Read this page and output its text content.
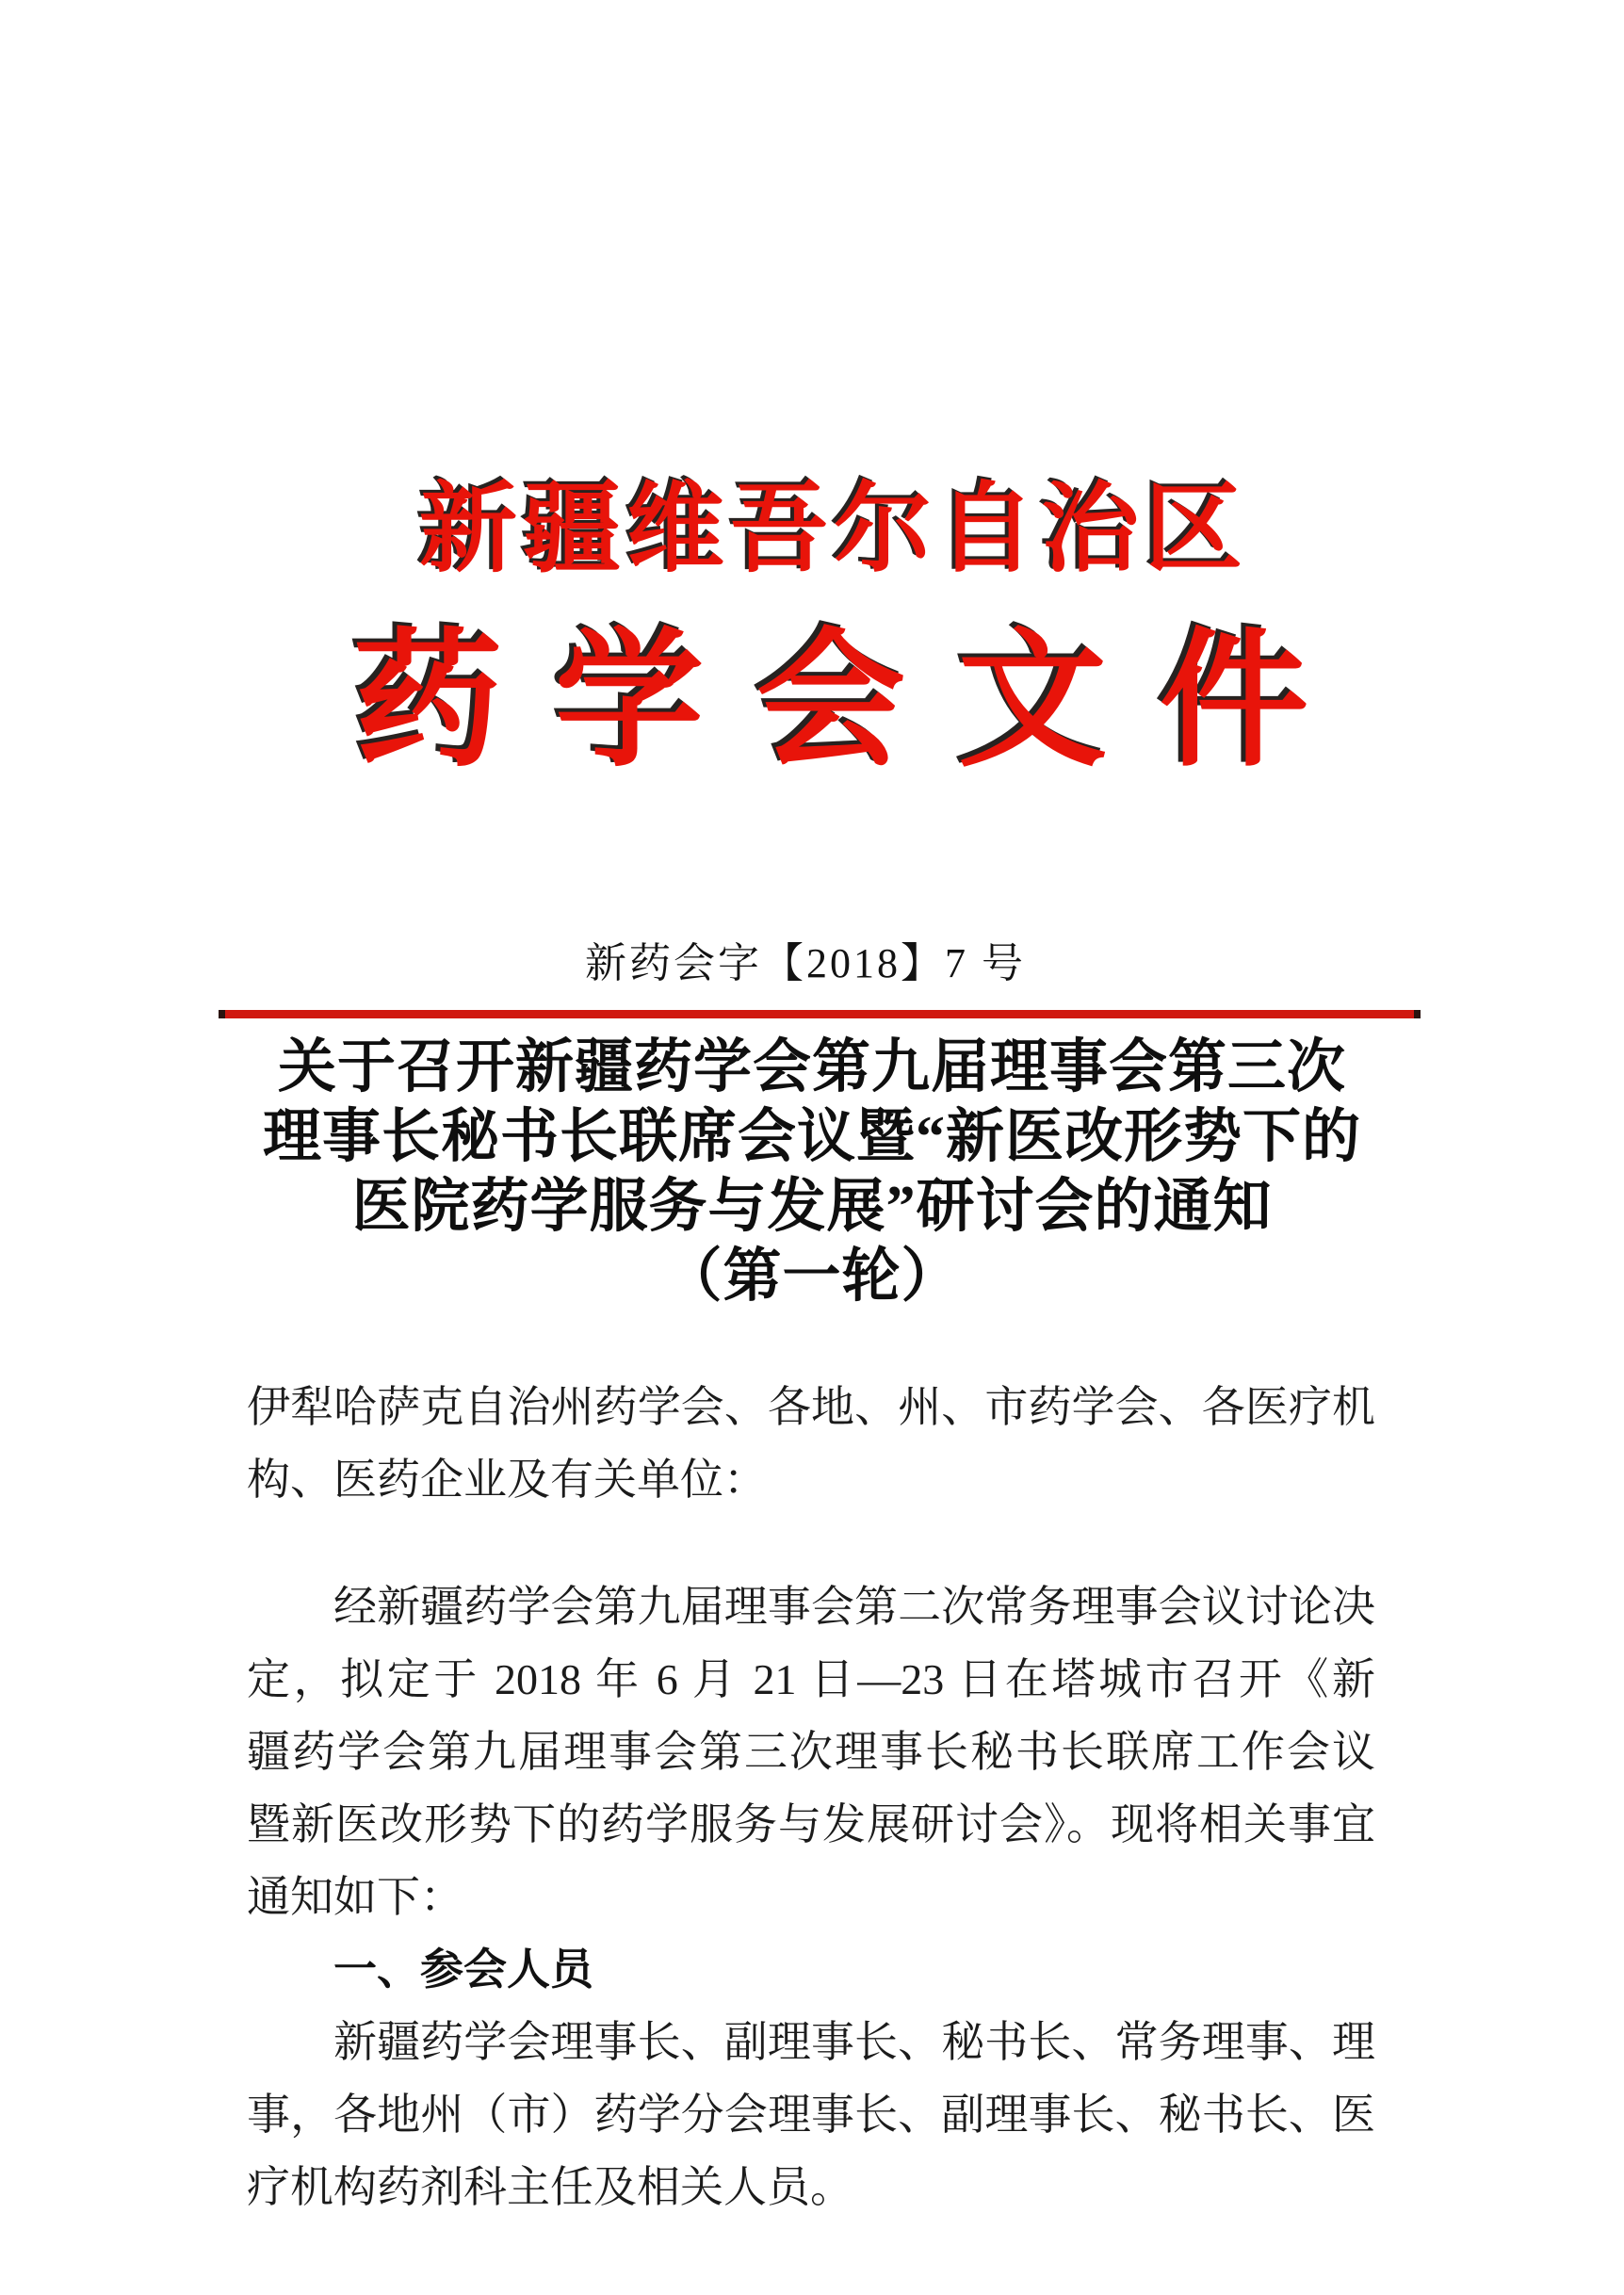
新疆维吾尔自治区
药学会文件
新药会字【2018】7 号
关于召开新疆药学会第九届理事会第三次
理事长秘书长联席会议暨“新医改形势下的
医院药学服务与发展”研讨会的通知
（第一轮）

伊犁哈萨克自治州药学会、各地、州、市药学会、各医疗机
构、医药企业及有关单位：

经新疆药学会第九届理事会第二次常务理事会议讨论决
定，拟定于 2018 年 6 月 21 日—23 日在塔城市召开《新
疆药学会第九届理事会第三次理事长秘书长联席工作会议
暨新医改形势下的药学服务与发展研讨会》。现将相关事宜
通知如下：

一、参会人员

新疆药学会理事长、副理事长、秘书长、常务理事、理
事，各地州（市）药学分会理事长、副理事长、秘书长、医
疗机构药剂科主任及相关人员。
